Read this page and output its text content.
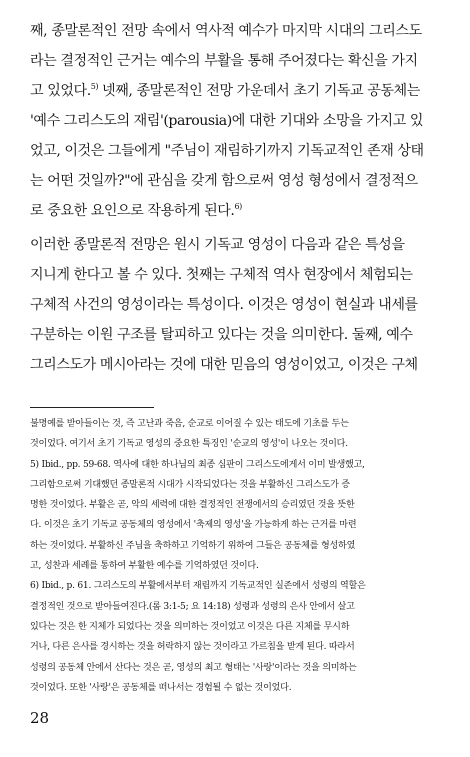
째, 종말론적인 전망 속에서 역사적 예수가 마지막 시대의 그리스도
라는 결정적인 근거는 예수의 부활을 통해 주어졌다는 확신을 가지
고 있었다.$^{5)}$ 넷째, 종말론적인 전망 가운데서 초기 기독교 공동체는
'예수 그리스도의 재림'(parousia)에 대한 기대와 소망을 가지고 있
었고, 이것은 그들에게 "주님이 재림하기까지 기독교적인 존재 상태
는 어떤 것일까?"에 관심을 갖게 함으로써 영성 형성에서 결정적으
로 중요한 요인으로 작용하게 된다.$^{6)}$
이러한 종말론적 전망은 원시 기독교 영성이 다음과 같은 특성을
지니게 한다고 볼 수 있다. 첫째는 구체적 역사 현장에서 체험되는
구체적 사건의 영성이라는 특성이다. 이것은 영성이 현실과 내세를
구분하는 이원 구조를 탈피하고 있다는 것을 의미한다. 둘째, 예수
그리스도가 메시아라는 것에 대한 믿음의 영성이었고, 이것은 구체
불명예를 받아들이는 것, 즉 고난과 죽음, 순교로 이어질 수 있는 태도에 기초를 두는
것이었다. 여기서 초기 기독교 영성의 중요한 특징인 '순교의 영성'이 나오는 것이다.
5) Ibid., pp. 59-68. 역사에 대한 하나님의 최종 심판이 그리스도에게서 이미 발생했고,
그리함으로써 기대했던 종말론적 시대가 시작되었다는 것을 부활하신 그리스도가 증
명한 것이었다. 부활은 곧, 악의 세력에 대한 결정적인 전쟁에서의 승리였던 것을 뜻한
다. 이것은 초기 기독교 공동체의 영성에서 '축제의 영성'을 가능하게 하는 근거를 마련
하는 것이었다. 부활하신 주님을 축하하고 기억하기 위하여 그들은 공동체를 형성하였
고, 성찬과 세례를 통하여 부활한 예수를 기억하였던 것이다.
6) Ibid., p. 61. 그리스도의 부활에서부터 재림까지 기독교적인 실존에서 성령의 역할은
결정적인 것으로 받아들여진다.(롬 3:1-5; 요 14:18) 성령과 성령의 은사 안에서 살고
있다는 것은 한 지체가 되었다는 것을 의미하는 것이었고 이것은 다른 지체를 무시하
거나, 다른 은사를 경시하는 것을 허락하지 않는 것이라고 가르침을 받게 된다. 따라서
성령의 공동체 안에서 산다는 것은 곧, 영성의 최고 형태는 '사랑'이라는 것을 의미하는
것이었다. 또한 '사랑'은 공동체를 떠나서는 경험될 수 없는 것이었다.
28
